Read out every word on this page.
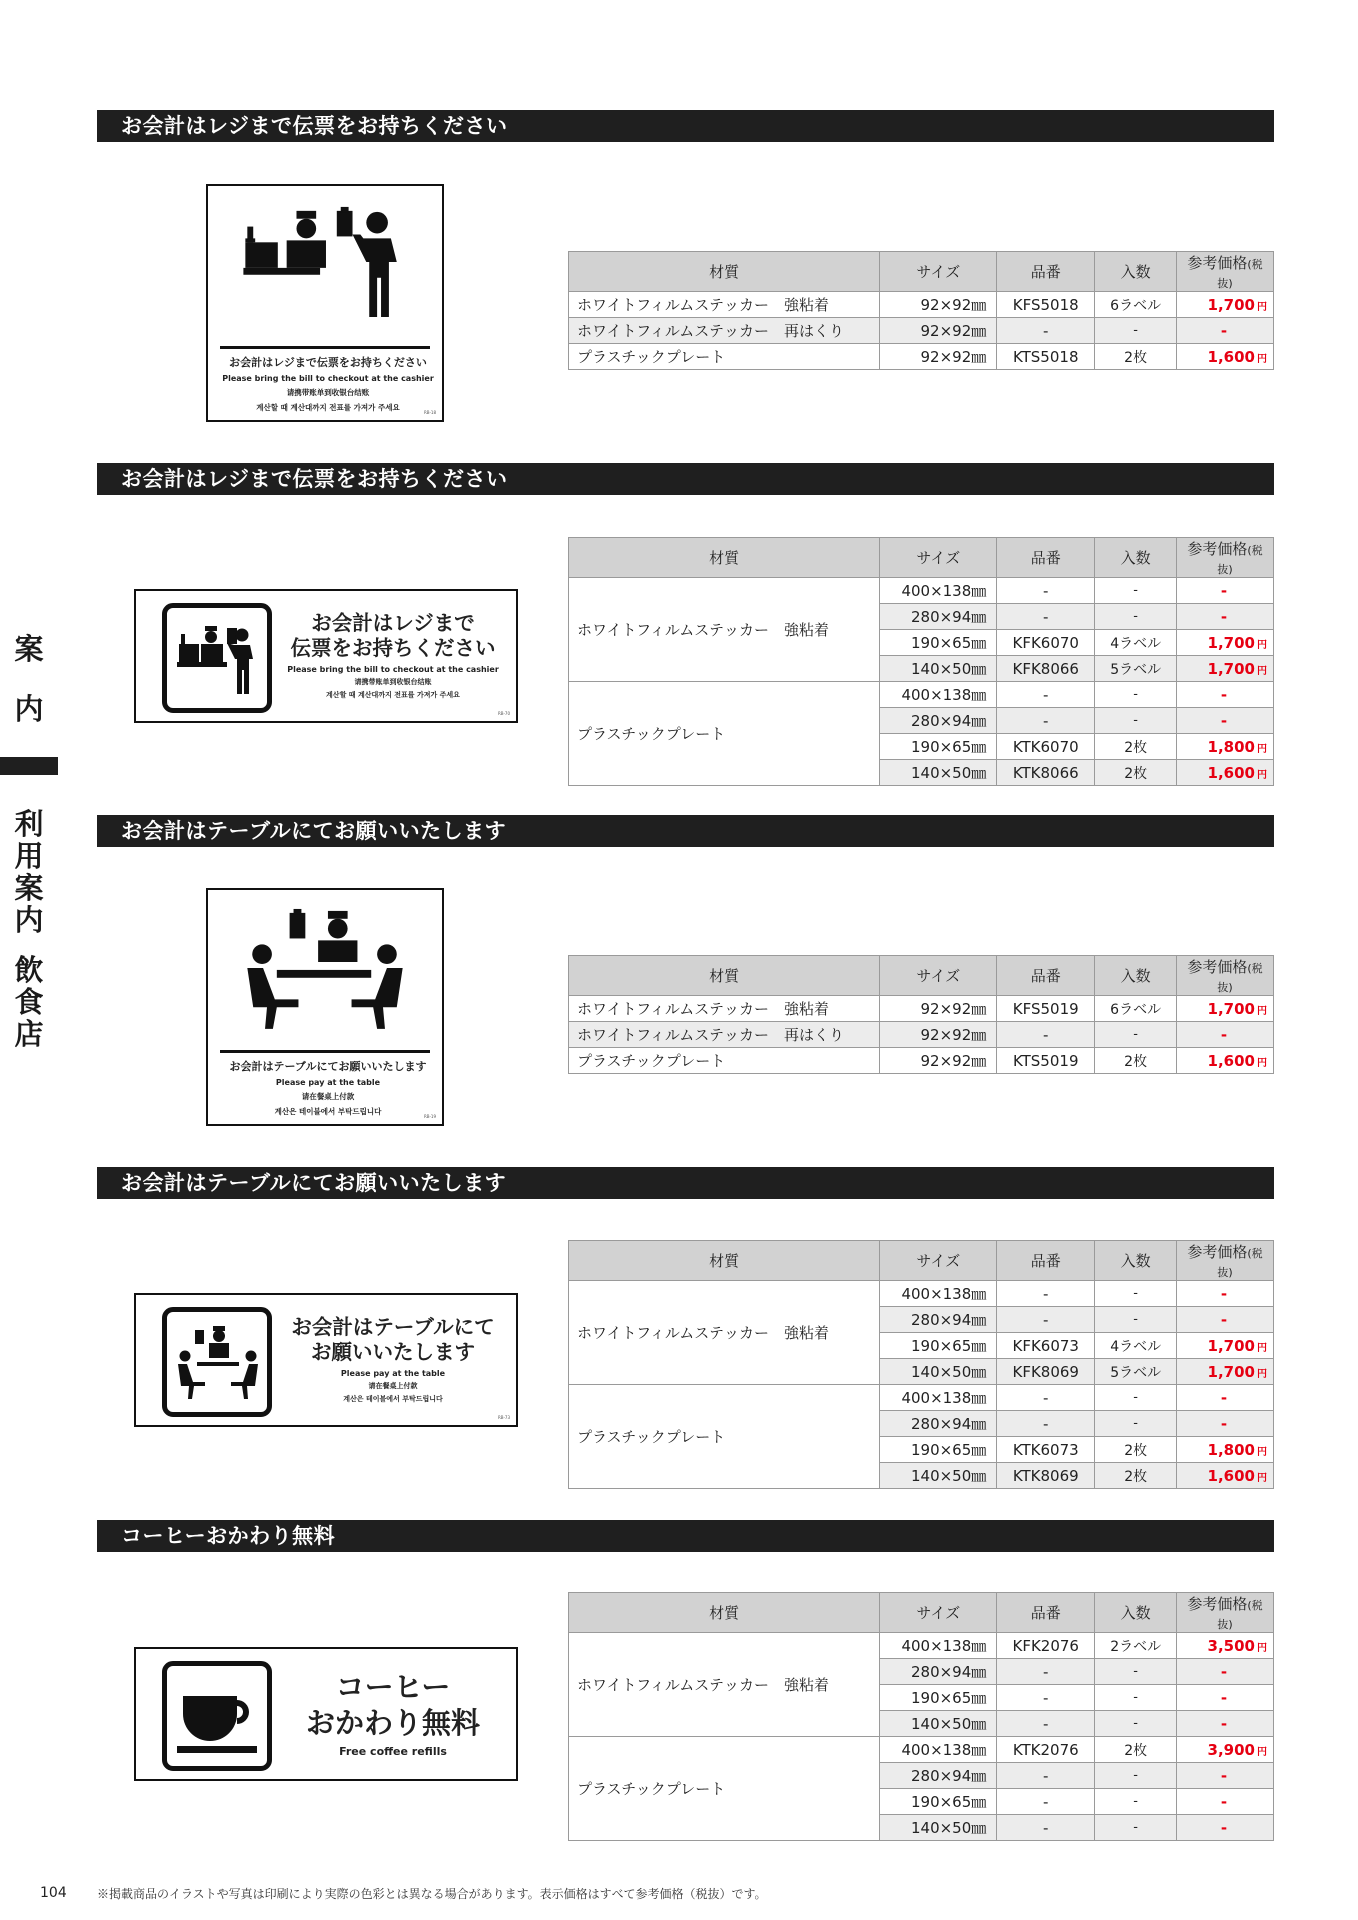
案
内
利
用
案
内
飲
食
店
お会計はレジまで伝票をお持ちください
お会計はレジまで伝票をお持ちください
Please bring the bill to checkout at the cashier
请携带账单到收银台结账
계산할 때 계산대까지 전표를 가져가 주세요
RB-18
材質	サイズ	品番	入数	参考価格(税抜)
ホワイトフィルムステッカー　強粘着	92×92㎜	KFS5018	6ラベル	1,700 円
ホワイトフィルムステッカー　再はくり	92×92㎜	-	-	-
プラスチックプレート	92×92㎜	KTS5018	2枚	1,600 円
お会計はレジまで伝票をお持ちください
お会計はレジまで
伝票をお持ちください
Please bring the bill to checkout at the cashier
请携带账单到收银台结账
계산할 때 계산대까지 전표를 가져가 주세요
RB-70
材質	サイズ	品番	入数	参考価格(税抜)
ホワイトフィルムステッカー　強粘着	400×138㎜	-	-	-
	280×94㎜	-	-	-
	190×65㎜	KFK6070	4ラベル	1,700 円
	140×50㎜	KFK8066	5ラベル	1,700 円
プラスチックプレート	400×138㎜	-	-	-
	280×94㎜	-	-	-
	190×65㎜	KTK6070	2枚	1,800 円
	140×50㎜	KTK8066	2枚	1,600 円
お会計はテーブルにてお願いいたします
お会計はテーブルにてお願いいたします
Please pay at the table
请在餐桌上付款
계산은 테이블에서 부탁드립니다
RB-19
材質	サイズ	品番	入数	参考価格(税抜)
ホワイトフィルムステッカー　強粘着	92×92㎜	KFS5019	6ラベル	1,700 円
ホワイトフィルムステッカー　再はくり	92×92㎜	-	-	-
プラスチックプレート	92×92㎜	KTS5019	2枚	1,600 円
お会計はテーブルにてお願いいたします
お会計はテーブルにて
お願いいたします
Please pay at the table
请在餐桌上付款
계산은 테이블에서 부탁드립니다
RB-73
材質	サイズ	品番	入数	参考価格(税抜)
ホワイトフィルムステッカー　強粘着	400×138㎜	-	-	-
	280×94㎜	-	-	-
	190×65㎜	KFK6073	4ラベル	1,700 円
	140×50㎜	KFK8069	5ラベル	1,700 円
プラスチックプレート	400×138㎜	-	-	-
	280×94㎜	-	-	-
	190×65㎜	KTK6073	2枚	1,800 円
	140×50㎜	KTK8069	2枚	1,600 円
コーヒーおかわり無料
コーヒー
おかわり無料
Free coffee refills
材質	サイズ	品番	入数	参考価格(税抜)
ホワイトフィルムステッカー　強粘着	400×138㎜	KFK2076	2ラベル	3,500 円
	280×94㎜	-	-	-
	190×65㎜	-	-	-
	140×50㎜	-	-	-
プラスチックプレート	400×138㎜	KTK2076	2枚	3,900 円
	280×94㎜	-	-	-
	190×65㎜	-	-	-
	140×50㎜	-	-	-
104	※掲載商品のイラストや写真は印刷により実際の色彩とは異なる場合があります。表示価格はすべて参考価格（税抜）です。
